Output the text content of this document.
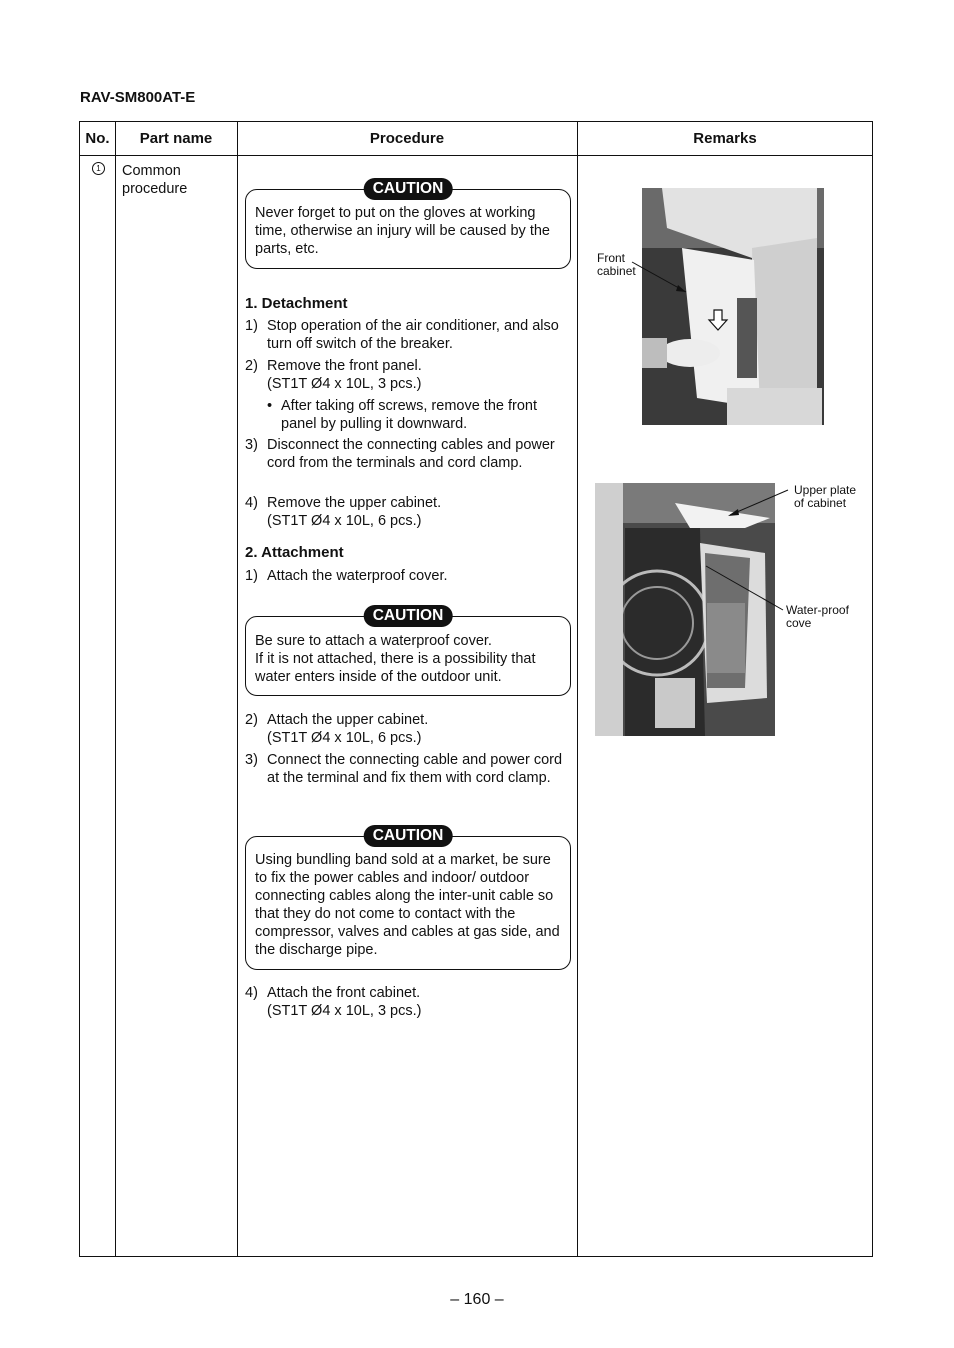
RAV-SM800AT-E
No.	Part name	Procedure	Remarks
1 Common procedure	CAUTION
Never forget to put on the gloves at working time, otherwise an injury will be caused by the parts, etc.
1. Detachment
1) Stop operation of the air conditioner, and also turn off switch of the breaker.
2) Remove the front panel.
(ST1T Ø4 x 10L, 3 pcs.)
• After taking off screws, remove the front panel by pulling it downward.
3) Disconnect the connecting cables and power cord from the terminals and cord clamp.
4) Remove the upper cabinet.
(ST1T Ø4 x 10L, 6 pcs.)
2. Attachment
1) Attach the waterproof cover.
CAUTION
Be sure to attach a waterproof cover.
If it is not attached, there is a possibility that water enters inside of the outdoor unit.
2) Attach the upper cabinet.
(ST1T Ø4 x 10L, 6 pcs.)
3) Connect the connecting cable and power cord at the terminal and fix them with cord clamp.
CAUTION
Using bundling band sold at a market, be sure to fix the power cables and indoor/ outdoor connecting cables along the inter-unit cable so that they do not come to contact with the compressor, valves and cables at gas side, and the discharge pipe.
4) Attach the front cabinet.
(ST1T Ø4 x 10L, 3 pcs.)
Front
cabinet
Upper plate
of cabinet
Water-proof
cove
– 160 –
